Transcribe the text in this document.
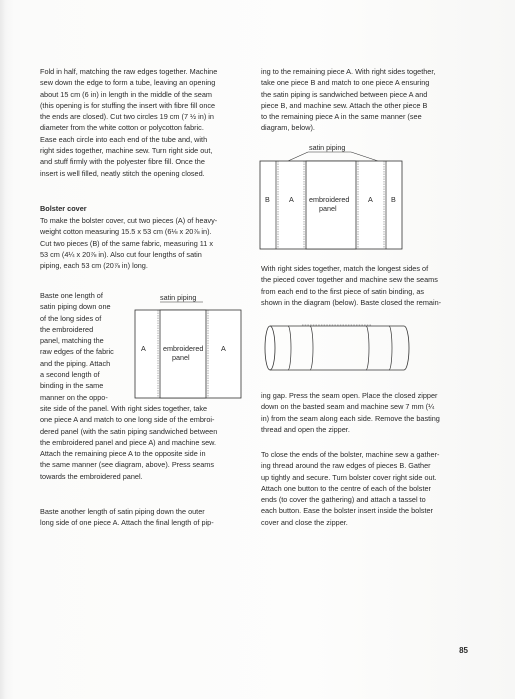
Fold in half, matching the raw edges together. Machine
sew down the edge to form a tube, leaving an opening
about 15 cm (6 in) in length in the middle of the seam
(this opening is for stuffing the insert with fibre fill once
the ends are closed). Cut two circles 19 cm (7 ½ in) in
diameter from the white cotton or polycotton fabric.
Ease each circle into each end of the tube and, with
right sides together, machine sew. Turn right side out,
and stuff firmly with the polyester fibre fill. Once the
insert is well filled, neatly stitch the opening closed.
Bolster cover
To make the bolster cover, cut two pieces (A) of heavy-
weight cotton measuring 15.5 x 53 cm (6⅛ x 20⅞ in).
Cut two pieces (B) of the same fabric, measuring 11 x
53 cm (4¼ x 20⅞ in). Also cut four lengths of satin
piping, each 53 cm (20⅞ in) long.
Baste one length of
satin piping down one
of the long sides of
the embroidered
panel, matching the
raw edges of the fabric
and the piping. Attach
a second length of
binding in the same
manner on the oppo-
site side of the panel. With right sides together, take
one piece A and match to one long side of the embroi-
dered panel (with the satin piping sandwiched between
the embroidered panel and piece A) and machine sew.
Attach the remaining piece A to the opposite side in
the same manner (see diagram, above). Press seams
towards the embroidered panel.
Baste another length of satin piping down the outer
long side of one piece A. Attach the final length of pip-
satin piping
A	A
embroidered
panel
ing to the remaining piece A. With right sides together,
take one piece B and match to one piece A ensuring
the satin piping is sandwiched between piece A and
piece B, and machine sew. Attach the other piece B
to the remaining piece A in the same manner (see
diagram, below).
satin piping
B	A	A	B
embroidered
panel
With right sides together, match the longest sides of
the pieced cover together and machine sew the seams
from each end to the first piece of satin binding, as
shown in the diagram (below). Baste closed the remain-
ing gap. Press the seam open. Place the closed zipper
down on the basted seam and machine sew 7 mm (¼
in) from the seam along each side. Remove the basting
thread and open the zipper.
To close the ends of the bolster, machine sew a gather-
ing thread around the raw edges of pieces B. Gather
up tightly and secure. Turn bolster cover right side out.
Attach one button to the centre of each of the bolster
ends (to cover the gathering) and attach a tassel to
each button. Ease the bolster insert inside the bolster
cover and close the zipper.
85
